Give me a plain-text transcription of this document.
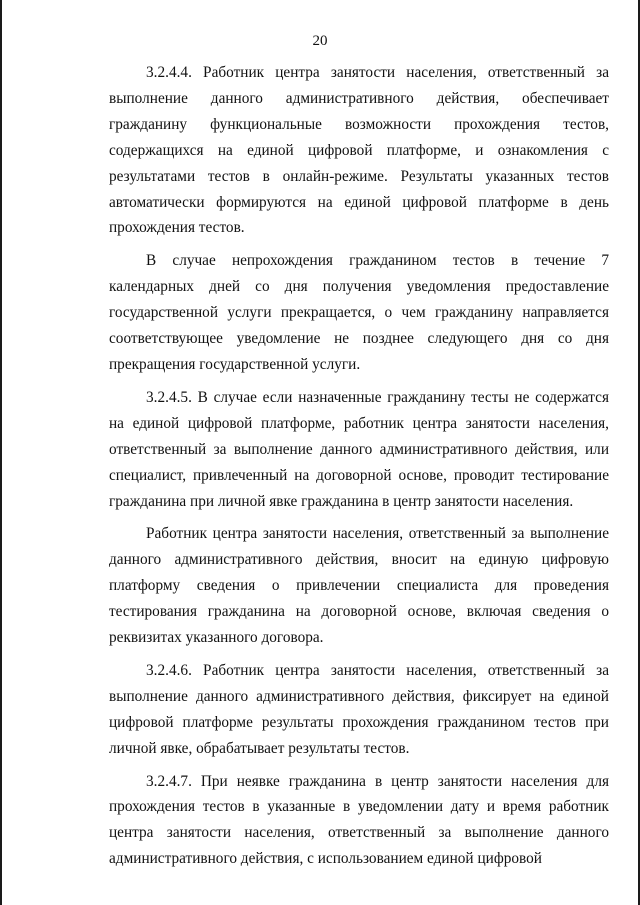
20

3.2.4.4. Работник центра занятости населения, ответственный за выполнение данного административного действия, обеспечивает гражданину функциональные возможности прохождения тестов, содержащихся на единой цифровой платформе, и ознакомления с результатами тестов в онлайн-режиме. Результаты указанных тестов автоматически формируются на единой цифровой платформе в день прохождения тестов.

В случае непрохождения гражданином тестов в течение 7 календарных дней со дня получения уведомления предоставление государственной услуги прекращается, о чем гражданину направляется соответствующее уведомление не позднее следующего дня со дня прекращения государственной услуги.

3.2.4.5. В случае если назначенные гражданину тесты не содержатся на единой цифровой платформе, работник центра занятости населения, ответственный за выполнение данного административного действия, или специалист, привлеченный на договорной основе, проводит тестирование гражданина при личной явке гражданина в центр занятости населения.

Работник центра занятости населения, ответственный за выполнение данного административного действия, вносит на единую цифровую платформу сведения о привлечении специалиста для проведения тестирования гражданина на договорной основе, включая сведения о реквизитах указанного договора.

3.2.4.6. Работник центра занятости населения, ответственный за выполнение данного административного действия, фиксирует на единой цифровой платформе результаты прохождения гражданином тестов при личной явке, обрабатывает результаты тестов.

3.2.4.7. При неявке гражданина в центр занятости населения для прохождения тестов в указанные в уведомлении дату и время работник центра занятости населения, ответственный за выполнение данного административного действия, с использованием единой цифровой
